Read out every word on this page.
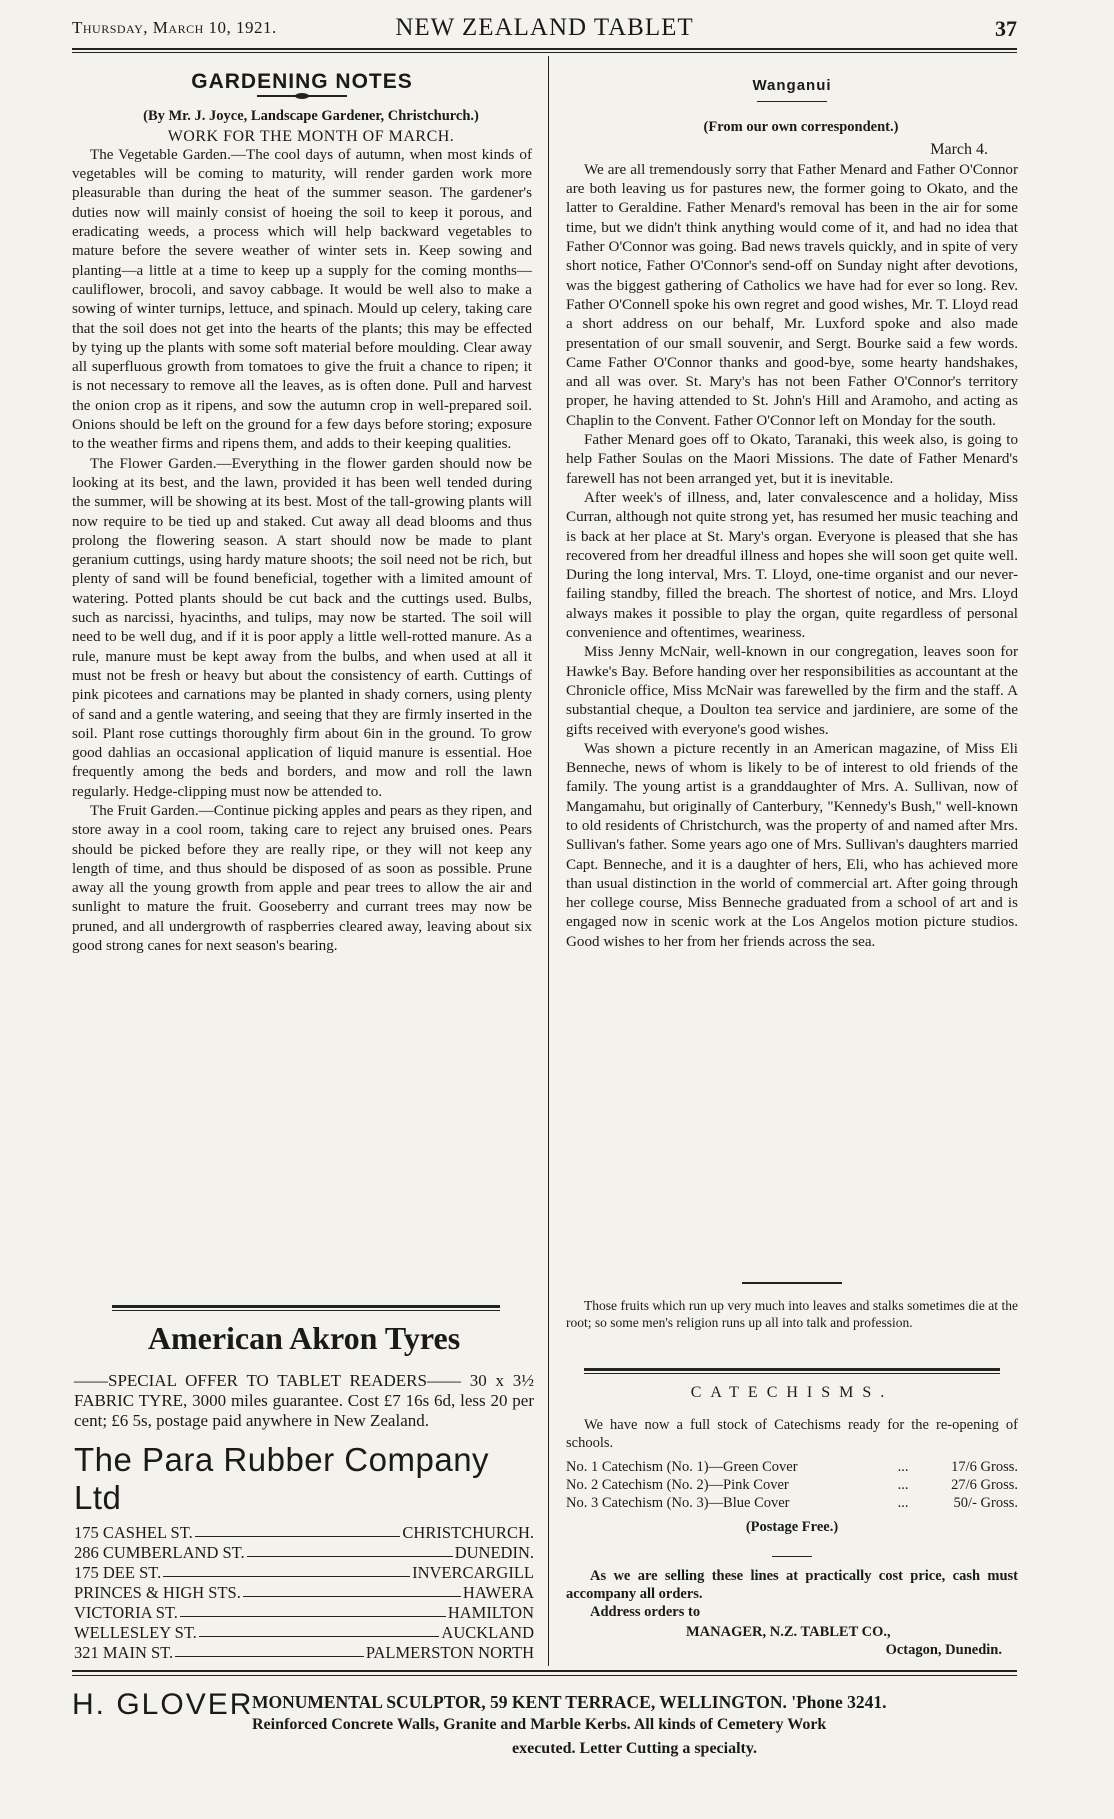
Thursday, March 10, 1921.	NEW ZEALAND TABLET	37
GARDENING NOTES

(By Mr. J. Joyce, Landscape Gardener, Christchurch.)

WORK FOR THE MONTH OF MARCH.

The Vegetable Garden.—The cool days of autumn, when most kinds of vegetables will be coming to maturity, will render garden work more pleasurable than during the heat of the summer season. The gardener's duties now will mainly consist of hoeing the soil to keep it porous, and eradicating weeds, a process which will help backward vegetables to mature before the severe weather of winter sets in. Keep sowing and planting—a little at a time to keep up a supply for the coming months—cauliflower, brocoli, and savoy cabbage. It would be well also to make a sowing of winter turnips, lettuce, and spinach. Mould up celery, taking care that the soil does not get into the hearts of the plants; this may be effected by tying up the plants with some soft material before moulding. Clear away all superfluous growth from tomatoes to give the fruit a chance to ripen; it is not necessary to remove all the leaves, as is often done. Pull and harvest the onion crop as it ripens, and sow the autumn crop in well-prepared soil. Onions should be left on the ground for a few days before storing; exposure to the weather firms and ripens them, and adds to their keeping qualities.

The Flower Garden.—Everything in the flower garden should now be looking at its best, and the lawn, provided it has been well tended during the summer, will be showing at its best. Most of the tall-growing plants will now require to be tied up and staked. Cut away all dead blooms and thus prolong the flowering season. A start should now be made to plant geranium cuttings, using hardy mature shoots; the soil need not be rich, but plenty of sand will be found beneficial, together with a limited amount of watering. Potted plants should be cut back and the cuttings used. Bulbs, such as narcissi, hyacinths, and tulips, may now be started. The soil will need to be well dug, and if it is poor apply a little well-rotted manure. As a rule, manure must be kept away from the bulbs, and when used at all it must not be fresh or heavy but about the consistency of earth. Cuttings of pink picotees and carnations may be planted in shady corners, using plenty of sand and a gentle watering, and seeing that they are firmly inserted in the soil. Plant rose cuttings thoroughly firm about 6in in the ground. To grow good dahlias an occasional application of liquid manure is essential. Hoe frequently among the beds and borders, and mow and roll the lawn regularly. Hedge-clipping must now be attended to.

The Fruit Garden.—Continue picking apples and pears as they ripen, and store away in a cool room, taking care to reject any bruised ones. Pears should be picked before they are really ripe, or they will not keep any length of time, and thus should be disposed of as soon as possible. Prune away all the young growth from apple and pear trees to allow the air and sunlight to mature the fruit. Gooseberry and currant trees may now be pruned, and all undergrowth of raspberries cleared away, leaving about six good strong canes for next season's bearing.

American Akron Tyres

——SPECIAL OFFER TO TABLET READERS—— 30 x 3½ FABRIC TYRE, 3000 miles guarantee. Cost £7 16s 6d, less 20 per cent; £6 5s, postage paid anywhere in New Zealand.

The Para Rubber Company Ltd
175 CASHEL ST.	CHRISTCHURCH.
286 CUMBERLAND ST.	DUNEDIN.
175 DEE ST.	INVERCARGILL
PRINCES & HIGH STS.	HAWERA
VICTORIA ST.	HAMILTON
WELLESLEY ST.	AUCKLAND
321 MAIN ST.	PALMERSTON NORTH
Wanganui

(From our own correspondent.)

March 4.

We are all tremendously sorry that Father Menard and Father O'Connor are both leaving us for pastures new, the former going to Okato, and the latter to Geraldine. Father Menard's removal has been in the air for some time, but we didn't think anything would come of it, and had no idea that Father O'Connor was going. Bad news travels quickly, and in spite of very short notice, Father O'Connor's send-off on Sunday night after devotions, was the biggest gathering of Catholics we have had for ever so long. Rev. Father O'Connell spoke his own regret and good wishes, Mr. T. Lloyd read a short address on our behalf, Mr. Luxford spoke and also made presentation of our small souvenir, and Sergt. Bourke said a few words. Came Father O'Connor thanks and good-bye, some hearty handshakes, and all was over. St. Mary's has not been Father O'Connor's territory proper, he having attended to St. John's Hill and Aramoho, and acting as Chaplin to the Convent. Father O'Connor left on Monday for the south.

Father Menard goes off to Okato, Taranaki, this week also, is going to help Father Soulas on the Maori Missions. The date of Father Menard's farewell has not been arranged yet, but it is inevitable.

After week's of illness, and, later convalescence and a holiday, Miss Curran, although not quite strong yet, has resumed her music teaching and is back at her place at St. Mary's organ. Everyone is pleased that she has recovered from her dreadful illness and hopes she will soon get quite well. During the long interval, Mrs. T. Lloyd, one-time organist and our never-failing standby, filled the breach. The shortest of notice, and Mrs. Lloyd always makes it possible to play the organ, quite regardless of personal convenience and oftentimes, weariness.

Miss Jenny McNair, well-known in our congregation, leaves soon for Hawke's Bay. Before handing over her responsibilities as accountant at the Chronicle office, Miss McNair was farewelled by the firm and the staff. A substantial cheque, a Doulton tea service and jardiniere, are some of the gifts received with everyone's good wishes.

Was shown a picture recently in an American magazine, of Miss Eli Benneche, news of whom is likely to be of interest to old friends of the family. The young artist is a granddaughter of Mrs. A. Sullivan, now of Mangamahu, but originally of Canterbury, "Kennedy's Bush," well-known to old residents of Christchurch, was the property of and named after Mrs. Sullivan's father. Some years ago one of Mrs. Sullivan's daughters married Capt. Benneche, and it is a daughter of hers, Eli, who has achieved more than usual distinction in the world of commercial art. After going through her college course, Miss Benneche graduated from a school of art and is engaged now in scenic work at the Los Angelos motion picture studios. Good wishes to her from her friends across the sea.

Those fruits which run up very much into leaves and stalks sometimes die at the root; so some men's religion runs up all into talk and profession.

CATECHISMS.

We have now a full stock of Catechisms ready for the re-opening of schools.

No. 1 Catechism (No. 1)—Green Cover	...	17/6 Gross.
No. 2 Catechism (No. 2)—Pink Cover	...	27/6 Gross.
No. 3 Catechism (No. 3)—Blue Cover	...	50/- Gross.
(Postage Free.)

As we are selling these lines at practically cost price, cash must accompany all orders.

Address orders to

MANAGER, N.Z. TABLET CO.,

Octagon, Dunedin.

H. GLOVER
MONUMENTAL SCULPTOR, 59 KENT TERRACE, WELLINGTON. 'Phone 3241.
Reinforced Concrete Walls, Granite and Marble Kerbs. All kinds of Cemetery Work
executed. Letter Cutting a specialty.
